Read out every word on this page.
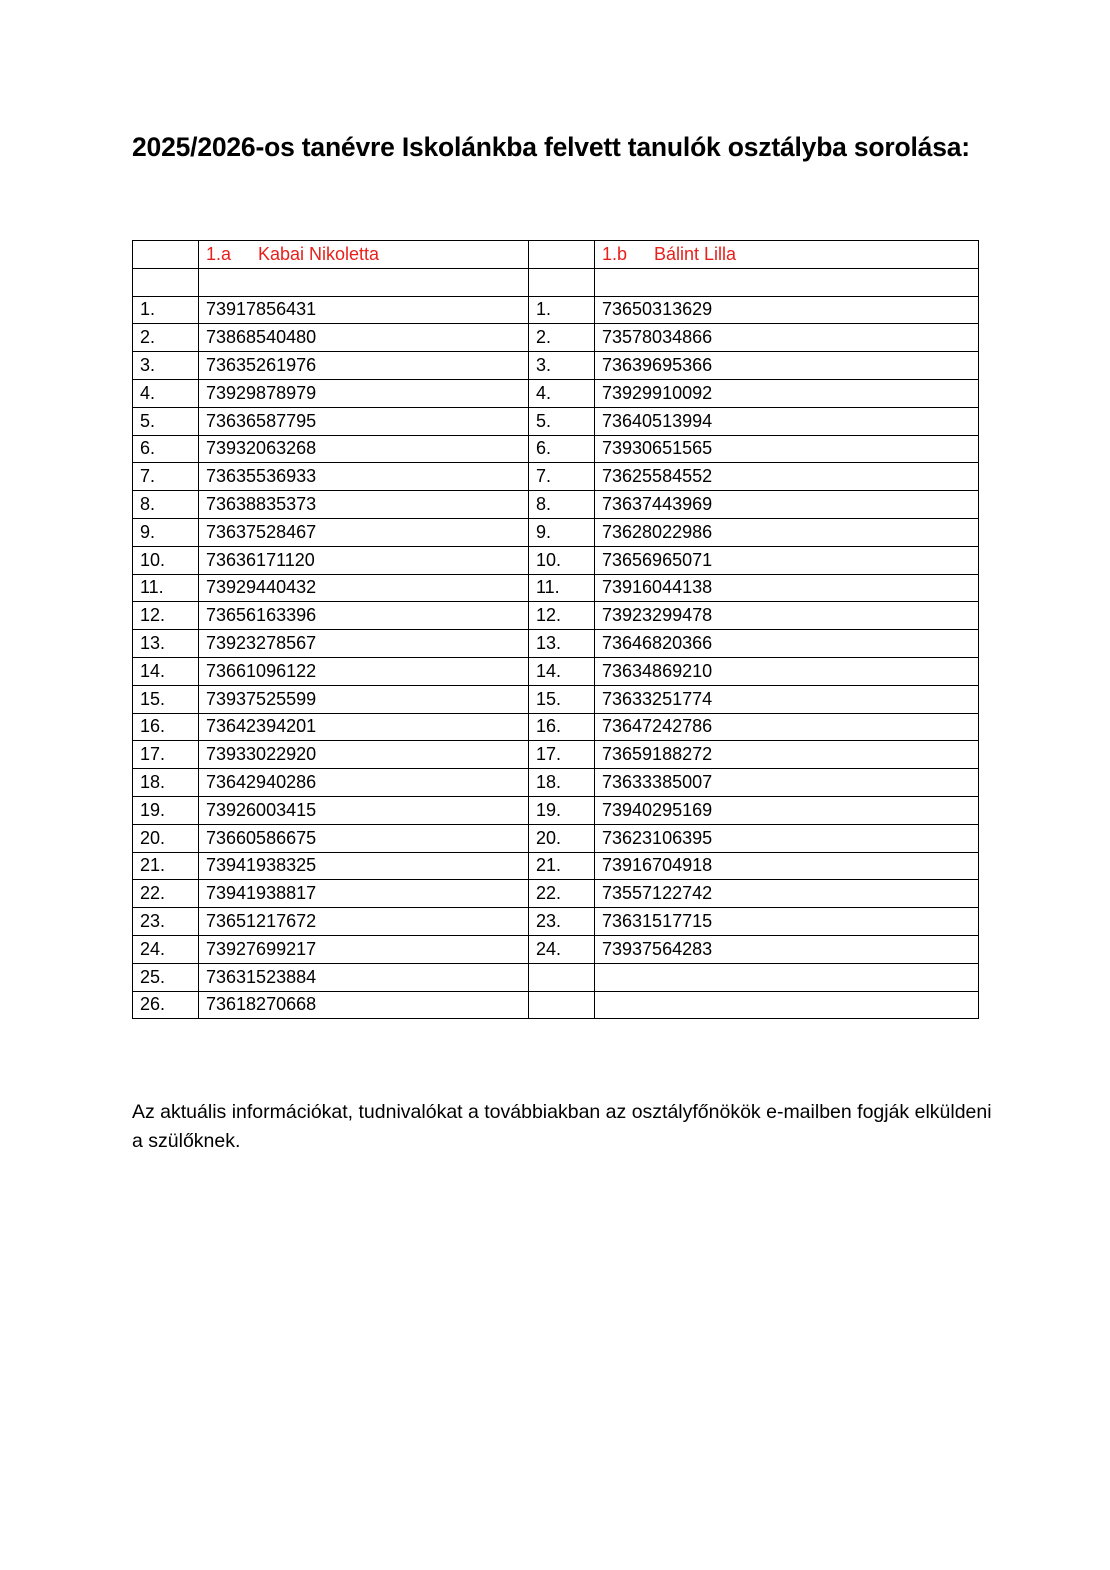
2025/2026-os tanévre Iskolánkba felvett tanulók osztályba sorolása:
	1.a Kabai Nikoletta		1.b Bálint Lilla

1.	73917856431	1.	73650313629
2.	73868540480	2.	73578034866
3.	73635261976	3.	73639695366
4.	73929878979	4.	73929910092
5.	73636587795	5.	73640513994
6.	73932063268	6.	73930651565
7.	73635536933	7.	73625584552
8.	73638835373	8.	73637443969
9.	73637528467	9.	73628022986
10.	73636171120	10.	73656965071
11.	73929440432	11.	73916044138
12.	73656163396	12.	73923299478
13.	73923278567	13.	73646820366
14.	73661096122	14.	73634869210
15.	73937525599	15.	73633251774
16.	73642394201	16.	73647242786
17.	73933022920	17.	73659188272
18.	73642940286	18.	73633385007
19.	73926003415	19.	73940295169
20.	73660586675	20.	73623106395
21.	73941938325	21.	73916704918
22.	73941938817	22.	73557122742
23.	73651217672	23.	73631517715
24.	73927699217	24.	73937564283
25.	73631523884		
26.	73618270668		

Az aktuális információkat, tudnivalókat a továbbiakban az osztályfőnökök e-mailben fogják elküldeni a szülőknek.
